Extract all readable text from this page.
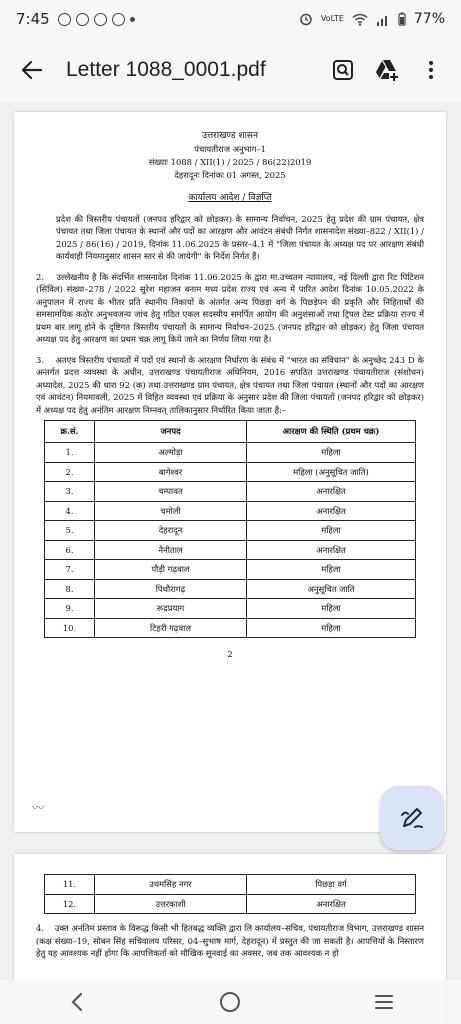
7:45	VoLTE	77%
Letter 1088_0001.pdf
उत्तराखण्ड शासन
पंचायतीराज अनुभाग–1
संख्याः 1088 / XII(1) / 2025 / 86(22)2019
देहरादूनः दिनांकः 01 अगस्त, 2025
कार्यालय आदेश / विज्ञप्ति

प्रदेश की त्रिस्तरीय पंचायतों (जनपद हरिद्वार को छोड़कर) के सामान्य निर्वाचन, 2025 हेतु प्रदेश की ग्राम पंचायत, क्षेत्र पंचायत तथा जिला पंचायत के स्थानों और पदों का आरक्षण और आवंटन संबंधी निर्गत शासनादेश संख्या–822 / XII(1) / 2025 / 86(16) / 2019, दिनांक 11.06.2025 के प्रस्तर–4.1 में "जिला पंचायत के अध्यक्ष पद पर आरक्षण संबंधी कार्यवाही नियमानुसार शासन स्तर से की जायेगी" के निर्देश निर्गत हैं।

2. उल्लेखनीय है कि संदर्भित शासनादेश दिनांक 11.06.2025 के द्वारा मा.उच्चतम न्यायालय, नई दिल्ली द्वारा रिट पिटिशन (सिविल) संख्या–278 / 2022 सुरेश महाजन बनाम मध्य प्रदेश राज्य एवं अन्य में पारित आदेश दिनांक 10.05.2022 के अनुपालन में राज्य के भीतर प्रति स्थानीय निकायों के अंतर्गत अन्य पिछड़ा वर्ग के पिछड़ेपन की प्रकृति और निहितार्थों की समसामयिक कठोर अनुभवजन्य जांच हेतु गठित एकल सदस्यीय समर्पित आयोग की अनुशंसाओं तथा ट्रिपल टेस्ट प्रक्रिया राज्य में प्रथम बार लागू होने के दृष्टिगत त्रिस्तरीय पंचायतों के सामान्य निर्वाचन–2025 (जनपद हरिद्वार को छोड़कर) हेतु जिला पंचायत अध्यक्ष पद हेतु आरक्षण का प्रथम चक्र लागू किये जाने का निर्णय लिया गया है।

3. अतएव त्रिस्तरीय पंचायतों में पदों एवं स्थानों के आरक्षण निर्धारण के संबंध में "भारत का संविधान" के अनुच्छेद 243 D के अन्तर्गत प्रदत्त व्यवस्था के अधीन, उत्तराखण्ड पंचायतीराज अधिनियम, 2016 सपठित उत्तराखण्ड पंचायतीराज (संशोधन) अध्यादेश, 2025 की धारा 92 (क) तथा उत्तराखण्ड ग्राम पंचायत, क्षेत्र पंचायत तथा जिला पंचायत (स्थानों और पदों का आरक्षण एवं आवंटन) नियमावली, 2025 में विहित व्यवस्था एवं प्रक्रिया के अनुसार प्रदेश की जिला पंचायतों (जनपद हरिद्वार को छोड़कर) में अध्यक्ष पद हेतु अनंतिम आरक्षण निम्नवत् तालिकानुसार निर्धारित किया जाता है:–

क्र.सं.	जनपद	आरक्षण की स्थिति (प्रथम चक्र)
1.	अल्मोड़ा	महिला
2.	बागेश्वर	महिला (अनुसूचित जाति)
3.	चम्पावत	अनारक्षित
4.	चमोली	अनारक्षित
5.	देहरादून	महिला
6.	नैनीताल	अनारक्षित
7.	पौड़ी गढ़वाल	महिला
8.	पिथौरागढ़	अनुसूचित जाति
9.	रूद्रप्रयाग	महिला
10.	टिहरी गढ़वाल	महिला
2
〰
11.	उधमसिंह नगर	पिछड़ा वर्ग
12.	उत्तरकाशी	अनारक्षित

4. उक्त अनंतिम प्रस्ताव के विरूद्ध किसी भी हितबद्ध व्यक्ति द्वारा लि कार्यालय–सचिव, पंचायतीराज विभाग, उत्तराखण्ड शासन (कक्ष संख्या–19, सोबन सिंह सचिवालय परिसर, 04–सुभाष मार्ग, देहरादून) में प्रस्तुत की जा सकती है। आपत्तियों के निस्तारण हेतु यह आवश्यक नहीं होगा कि आपत्तिकर्ता को मौखिक सुनवाई का अवसर, जब तक आवश्यक न हो
